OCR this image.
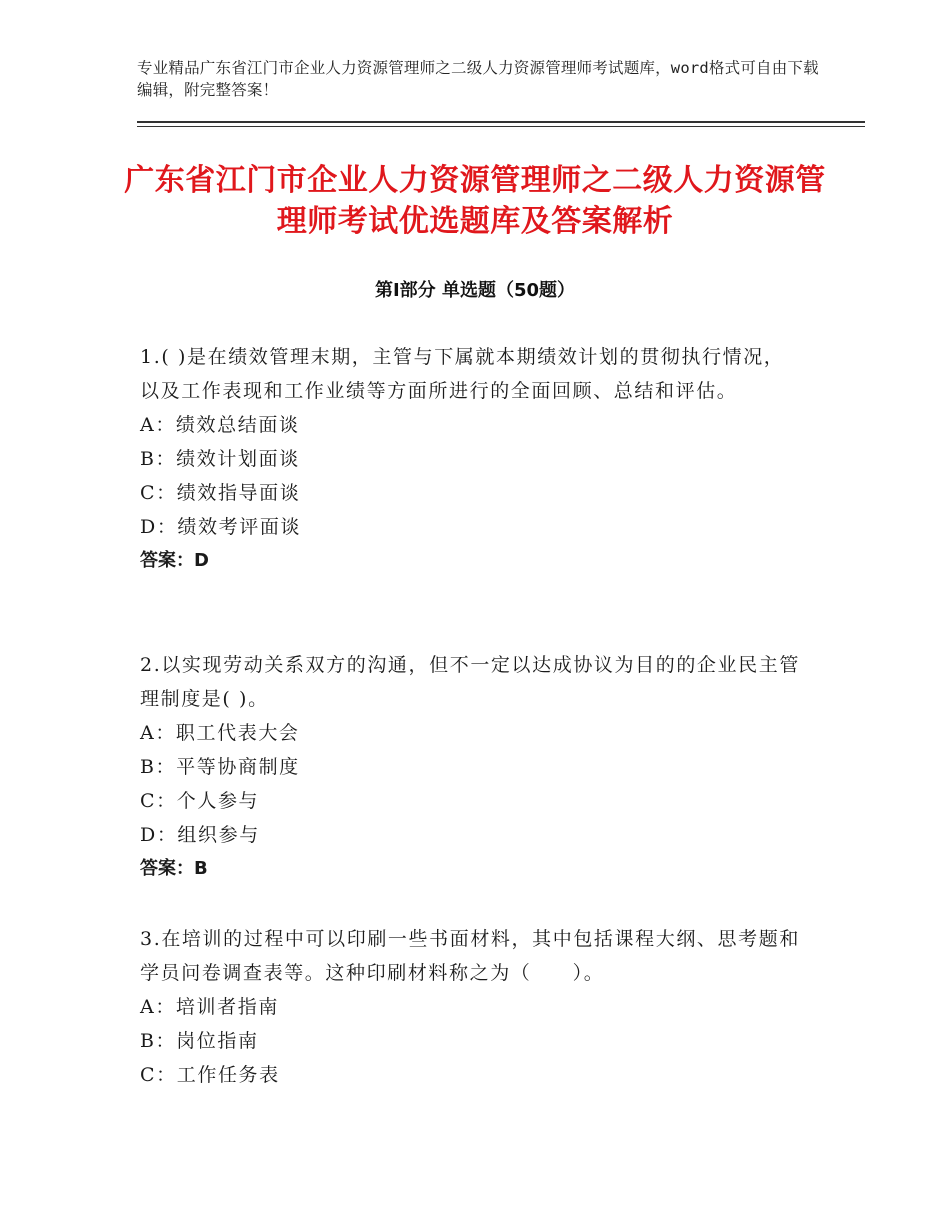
专业精品广东省江门市企业人力资源管理师之二级人力资源管理师考试题库，word格式可自由下载编辑，附完整答案！
广东省江门市企业人力资源管理师之二级人力资源管理师考试优选题库及答案解析
第Ⅰ部分 单选题（50题）
1.( )是在绩效管理末期，主管与下属就本期绩效计划的贯彻执行情况，以及工作表现和工作业绩等方面所进行的全面回顾、总结和评估。
A：绩效总结面谈
B：绩效计划面谈
C：绩效指导面谈
D：绩效考评面谈
答案：D
2.以实现劳动关系双方的沟通，但不一定以达成协议为目的的企业民主管理制度是( )。
A：职工代表大会
B：平等协商制度
C：个人参与
D：组织参与
答案：B
3.在培训的过程中可以印刷一些书面材料，其中包括课程大纲、思考题和学员问卷调查表等。这种印刷材料称之为（　　）。
A：培训者指南
B：岗位指南
C：工作任务表
